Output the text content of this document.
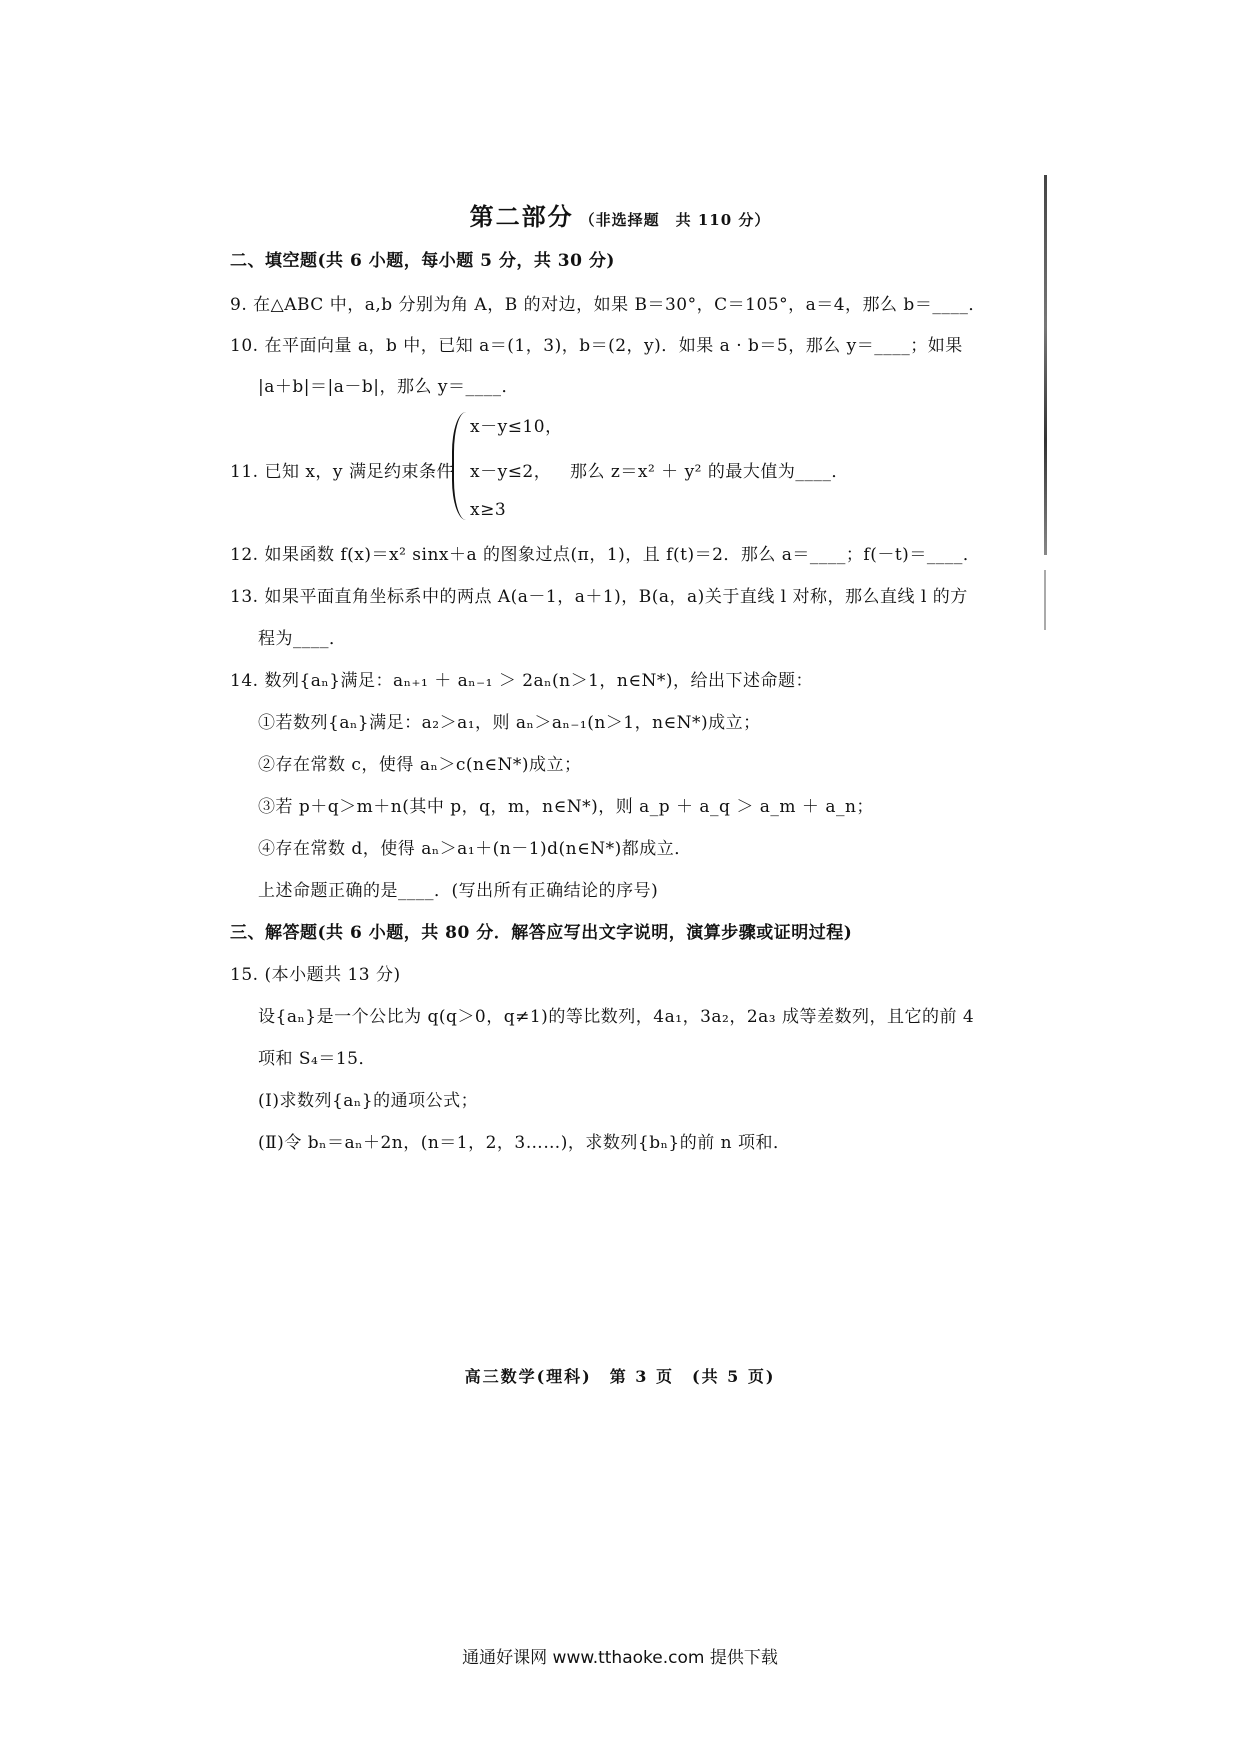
第二部分 （非选择题　共 110 分）
二、填空题(共 6 小题，每小题 5 分，共 30 分)
9. 在△ABC 中，a,b 分别为角 A，B 的对边，如果 B＝30°，C＝105°，a＝4，那么 b＝____．
10. 在平面向量 a，b 中，已知 a＝(1，3)，b＝(2，y)．如果 a · b＝5，那么 y＝____；如果
|a＋b|＝|a－b|，那么 y＝____．
11. 已知 x，y 满足约束条件
x－y≤10，
x－y≤2，
x≥3
那么 z＝x² ＋ y² 的最大值为____．
12. 如果函数 f(x)＝x² sinx＋a 的图象过点(π，1)，且 f(t)＝2．那么 a＝____；f(－t)＝____．
13. 如果平面直角坐标系中的两点 A(a－1，a＋1)，B(a，a)关于直线 l 对称，那么直线 l 的方
程为____．
14. 数列{aₙ}满足：aₙ₊₁ ＋ aₙ₋₁ ＞ 2aₙ(n＞1，n∈N*)，给出下述命题：
①若数列{aₙ}满足：a₂＞a₁，则 aₙ＞aₙ₋₁(n＞1，n∈N*)成立；
②存在常数 c，使得 aₙ＞c(n∈N*)成立；
③若 p＋q＞m＋n(其中 p，q，m，n∈N*)，则 a_p ＋ a_q ＞ a_m ＋ a_n；
④存在常数 d，使得 aₙ＞a₁＋(n－1)d(n∈N*)都成立．
上述命题正确的是____．(写出所有正确结论的序号)
三、解答题(共 6 小题，共 80 分．解答应写出文字说明，演算步骤或证明过程)
15. (本小题共 13 分)
设{aₙ}是一个公比为 q(q＞0，q≠1)的等比数列，4a₁，3a₂，2a₃ 成等差数列，且它的前 4
项和 S₄＝15．
(Ⅰ)求数列{aₙ}的通项公式；
(Ⅱ)令 bₙ＝aₙ＋2n，(n＝1，2，3……)，求数列{bₙ}的前 n 项和．
高三数学(理科)　第 3 页　(共 5 页)
通通好课网 www.tthaoke.com 提供下载
